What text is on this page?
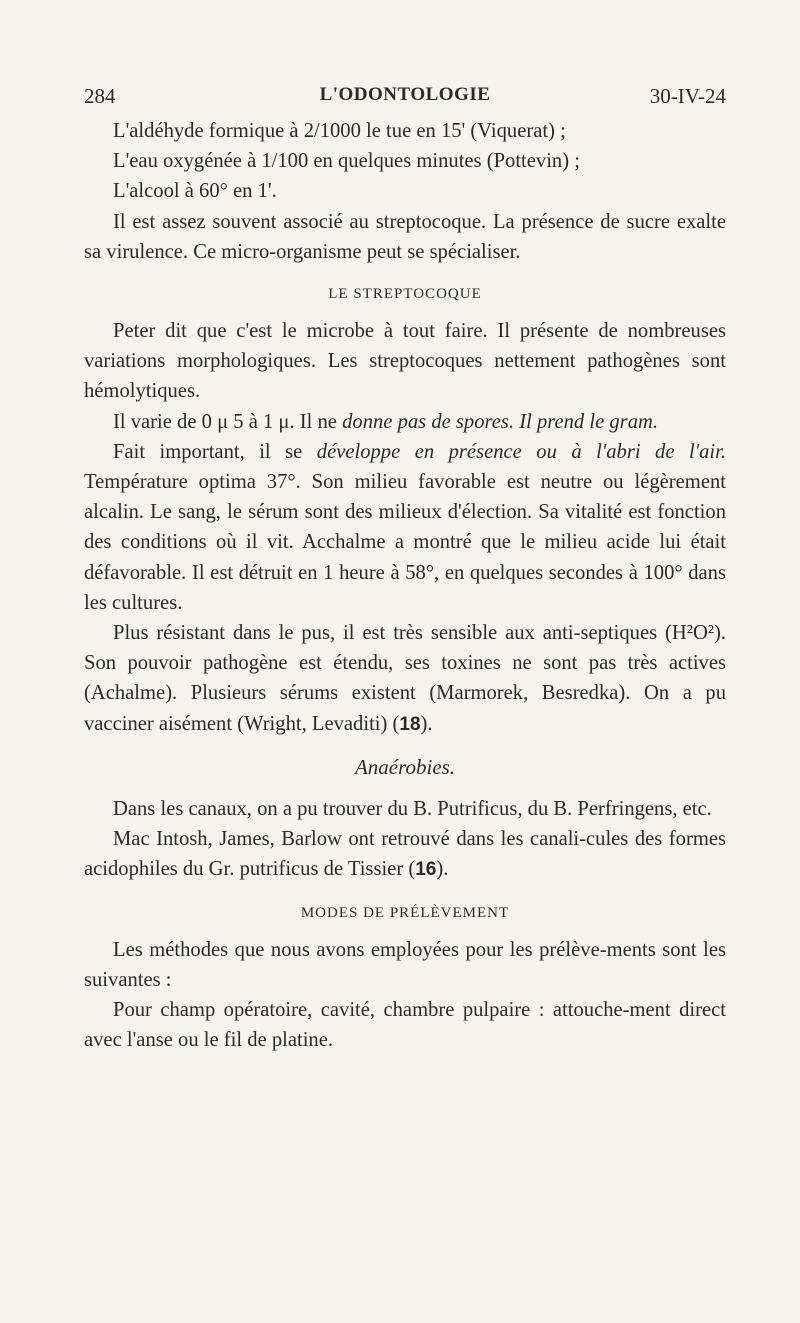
284	L'ODONTOLOGIE	30-IV-24

L'aldéhyde formique à 2/1000 le tue en 15' (Viquerat) ;

L'eau oxygénée à 1/100 en quelques minutes (Pottevin) ;

L'alcool à 60° en 1'.

Il est assez souvent associé au streptocoque. La présence de sucre exalte sa virulence. Ce micro-organisme peut se spécialiser.

LE STREPTOCOQUE

Peter dit que c'est le microbe à tout faire. Il présente de nombreuses variations morphologiques. Les streptocoques nettement pathogènes sont hémolytiques.

Il varie de 0 μ 5 à 1 μ. Il ne donne pas de spores. Il prend le gram.

Fait important, il se développe en présence ou à l'abri de l'air. Température optima 37°. Son milieu favorable est neutre ou légèrement alcalin. Le sang, le sérum sont des milieux d'élection. Sa vitalité est fonction des conditions où il vit. Acchalme a montré que le milieu acide lui était défavorable. Il est détruit en 1 heure à 58°, en quelques secondes à 100° dans les cultures.

Plus résistant dans le pus, il est très sensible aux anti-septiques (H²O²). Son pouvoir pathogène est étendu, ses toxines ne sont pas très actives (Achalme). Plusieurs sérums existent (Marmorek, Besredka). On a pu vacciner aisément (Wright, Levaditi) (18).

Anaérobies.

Dans les canaux, on a pu trouver du B. Putrificus, du B. Perfringens, etc.

Mac Intosh, James, Barlow ont retrouvé dans les canali-cules des formes acidophiles du Gr. putrificus de Tissier (16).

MODES DE PRÉLÈVEMENT

Les méthodes que nous avons employées pour les prélève-ments sont les suivantes :

Pour champ opératoire, cavité, chambre pulpaire : attouche-ment direct avec l'anse ou le fil de platine.
